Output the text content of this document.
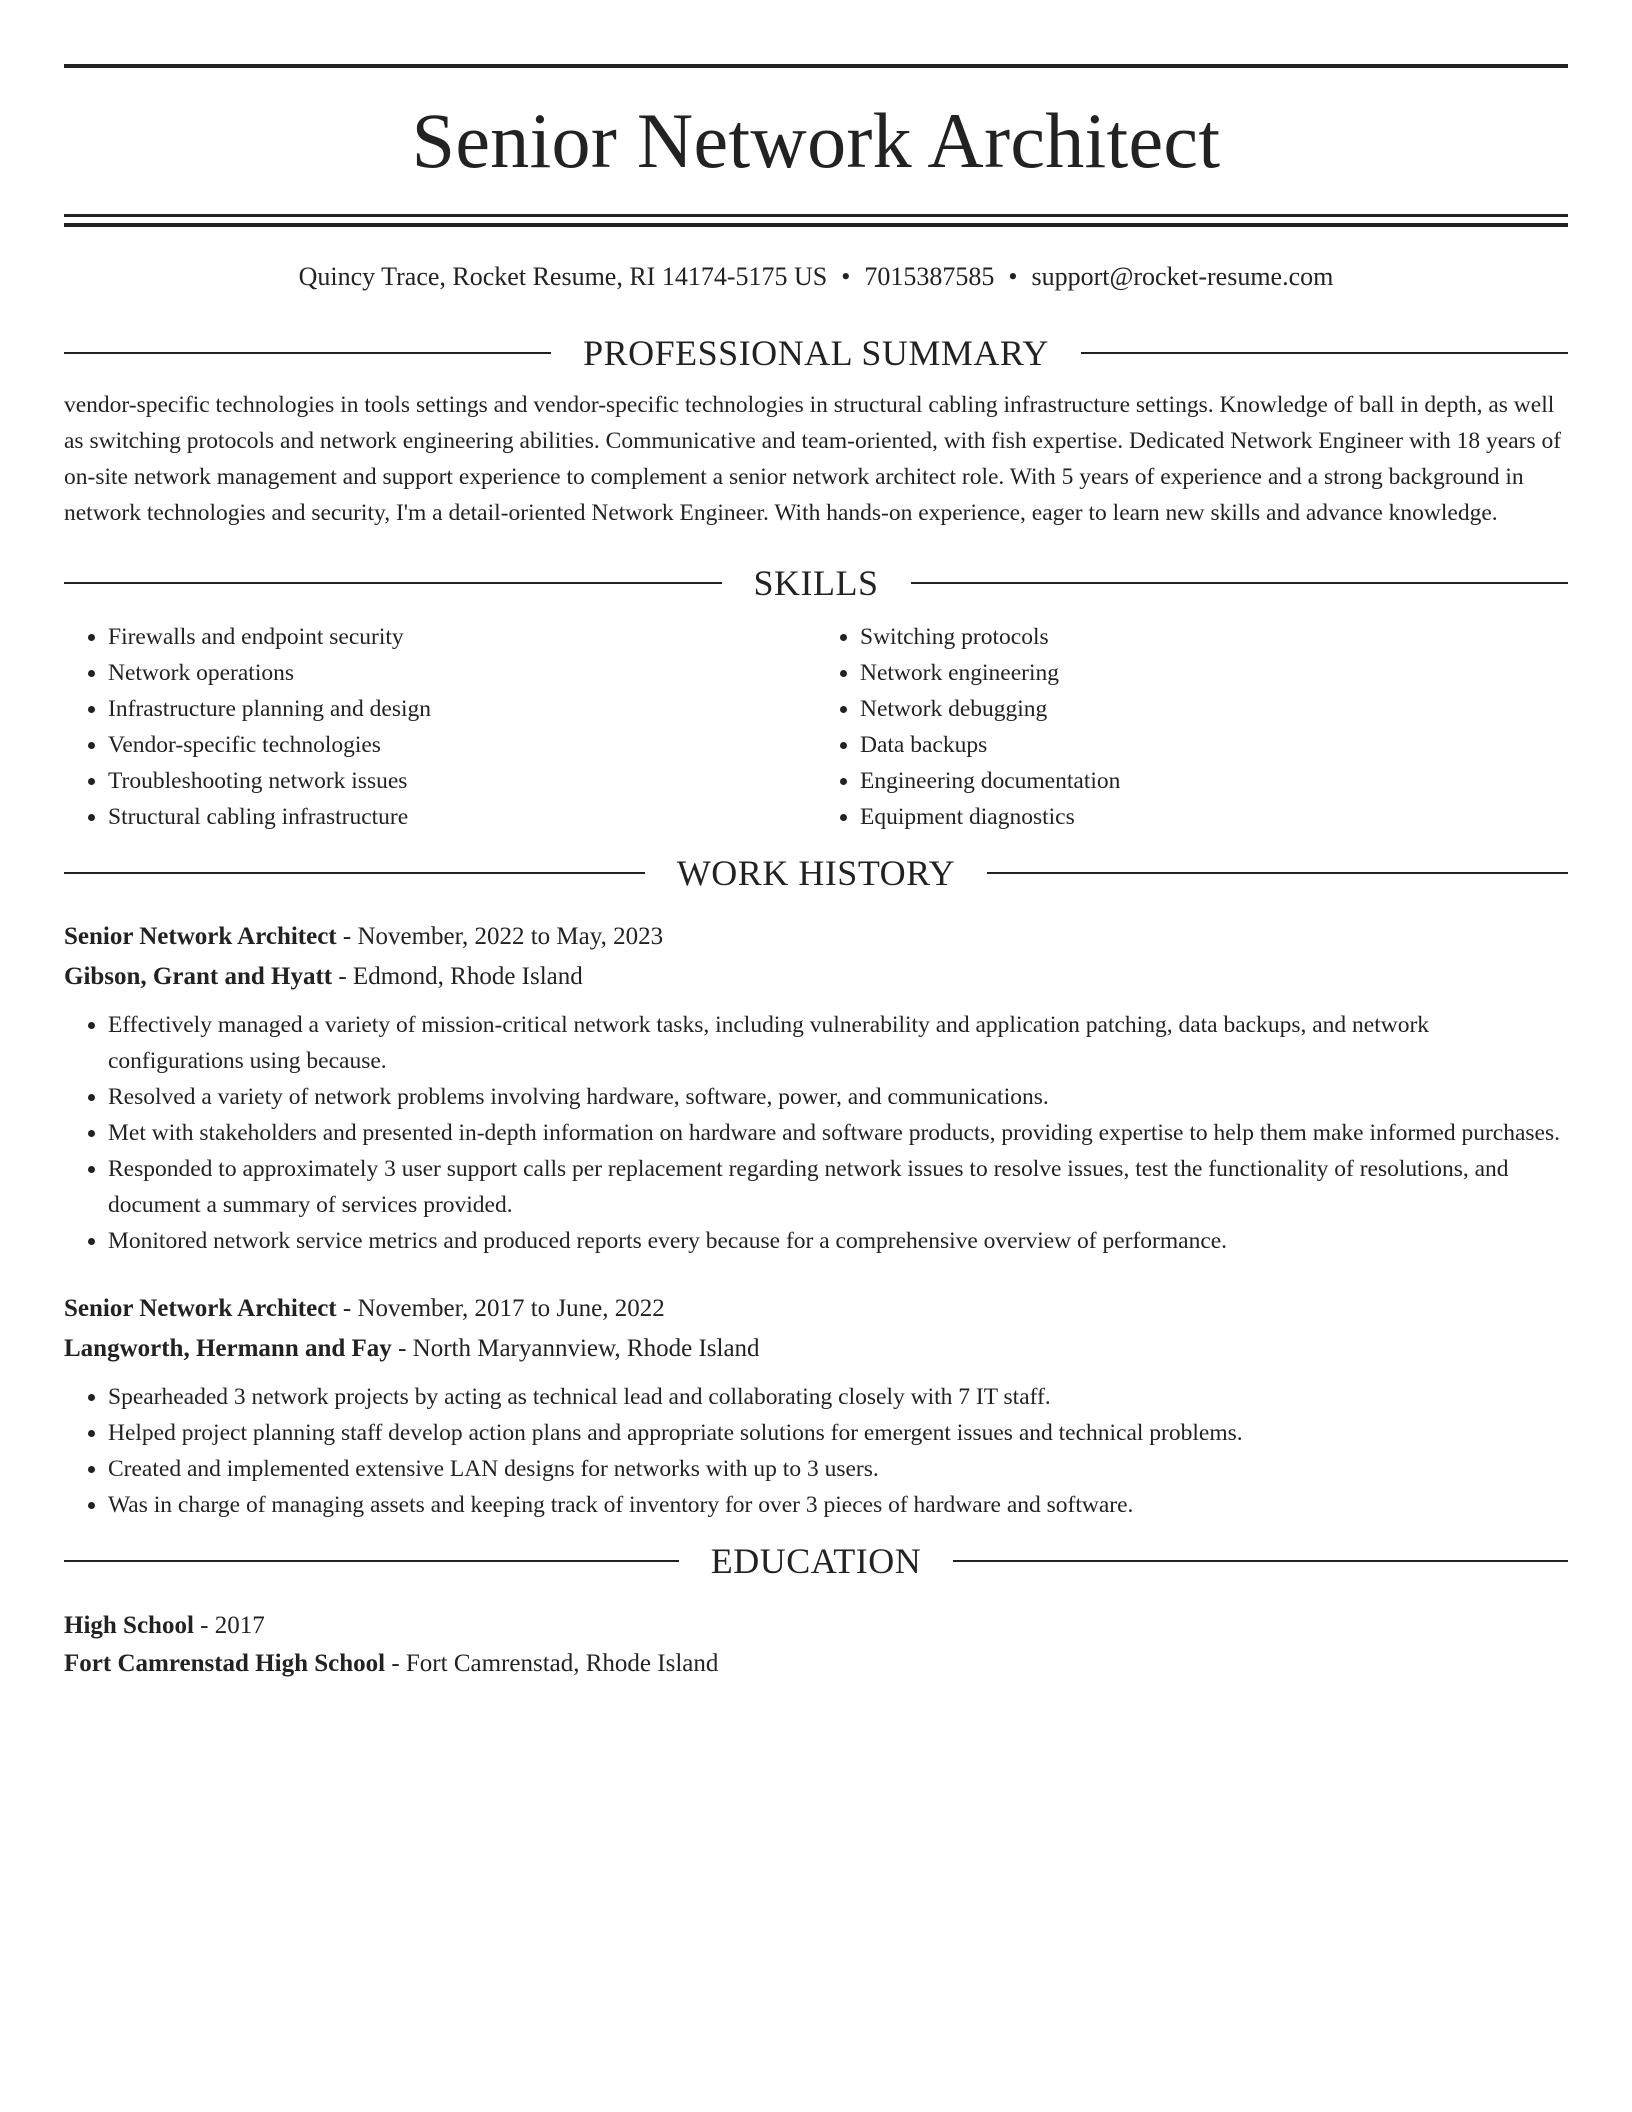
Senior Network Architect
Quincy Trace, Rocket Resume, RI 14174-5175 US • 7015387585 • support@rocket-resume.com
PROFESSIONAL SUMMARY
vendor-specific technologies in tools settings and vendor-specific technologies in structural cabling infrastructure settings. Knowledge of ball in depth, as well as switching protocols and network engineering abilities. Communicative and team-oriented, with fish expertise. Dedicated Network Engineer with 18 years of on-site network management and support experience to complement a senior network architect role. With 5 years of experience and a strong background in network technologies and security, I'm a detail-oriented Network Engineer. With hands-on experience, eager to learn new skills and advance knowledge.
SKILLS
• Firewalls and endpoint security
• Network operations
• Infrastructure planning and design
• Vendor-specific technologies
• Troubleshooting network issues
• Structural cabling infrastructure
• Switching protocols
• Network engineering
• Network debugging
• Data backups
• Engineering documentation
• Equipment diagnostics
WORK HISTORY
Senior Network Architect - November, 2022 to May, 2023
Gibson, Grant and Hyatt - Edmond, Rhode Island
• Effectively managed a variety of mission-critical network tasks, including vulnerability and application patching, data backups, and network configurations using because.
• Resolved a variety of network problems involving hardware, software, power, and communications.
• Met with stakeholders and presented in-depth information on hardware and software products, providing expertise to help them make informed purchases.
• Responded to approximately 3 user support calls per replacement regarding network issues to resolve issues, test the functionality of resolutions, and document a summary of services provided.
• Monitored network service metrics and produced reports every because for a comprehensive overview of performance.
Senior Network Architect - November, 2017 to June, 2022
Langworth, Hermann and Fay - North Maryannview, Rhode Island
• Spearheaded 3 network projects by acting as technical lead and collaborating closely with 7 IT staff.
• Helped project planning staff develop action plans and appropriate solutions for emergent issues and technical problems.
• Created and implemented extensive LAN designs for networks with up to 3 users.
• Was in charge of managing assets and keeping track of inventory for over 3 pieces of hardware and software.
EDUCATION
High School - 2017
Fort Camrenstad High School - Fort Camrenstad, Rhode Island
